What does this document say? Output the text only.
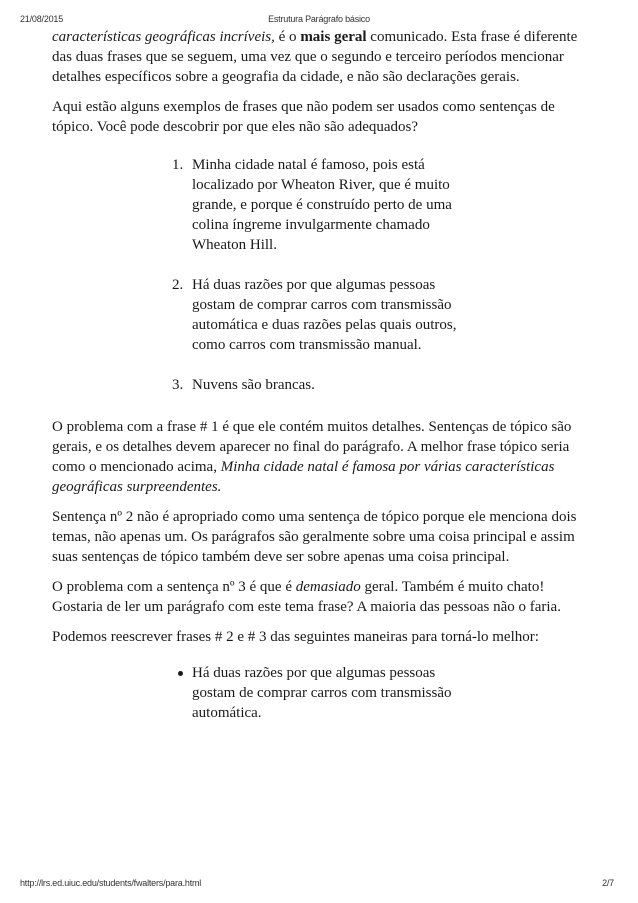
21/08/2015	Estrutura Parágrafo básico

características geográficas incríveis, é o mais geral comunicado. Esta frase é diferente das duas frases que se seguem, uma vez que o segundo e terceiro períodos mencionar detalhes específicos sobre a geografia da cidade, e não são declarações gerais.

Aqui estão alguns exemplos de frases que não podem ser usados como sentenças de tópico. Você pode descobrir por que eles não são adequados?

1. Minha cidade natal é famoso, pois está localizado por Wheaton River, que é muito grande, e porque é construído perto de uma colina íngreme invulgarmente chamado Wheaton Hill.
2. Há duas razões por que algumas pessoas gostam de comprar carros com transmissão automática e duas razões pelas quais outros, como carros com transmissão manual.
3. Nuvens são brancas.

O problema com a frase # 1 é que ele contém muitos detalhes. Sentenças de tópico são gerais, e os detalhes devem aparecer no final do parágrafo. A melhor frase tópico seria como o mencionado acima, Minha cidade natal é famosa por várias características geográficas surpreendentes.

Sentença nº 2 não é apropriado como uma sentença de tópico porque ele menciona dois temas, não apenas um. Os parágrafos são geralmente sobre uma coisa principal e assim suas sentenças de tópico também deve ser sobre apenas uma coisa principal.

O problema com a sentença nº 3 é que é demasiado geral. Também é muito chato! Gostaria de ler um parágrafo com este tema frase? A maioria das pessoas não o faria.

Podemos reescrever frases # 2 e # 3 das seguintes maneiras para torná-lo melhor:

Há duas razões por que algumas pessoas gostam de comprar carros com transmissão automática.
http://lrs.ed.uiuc.edu/students/fwalters/para.html	2/7
